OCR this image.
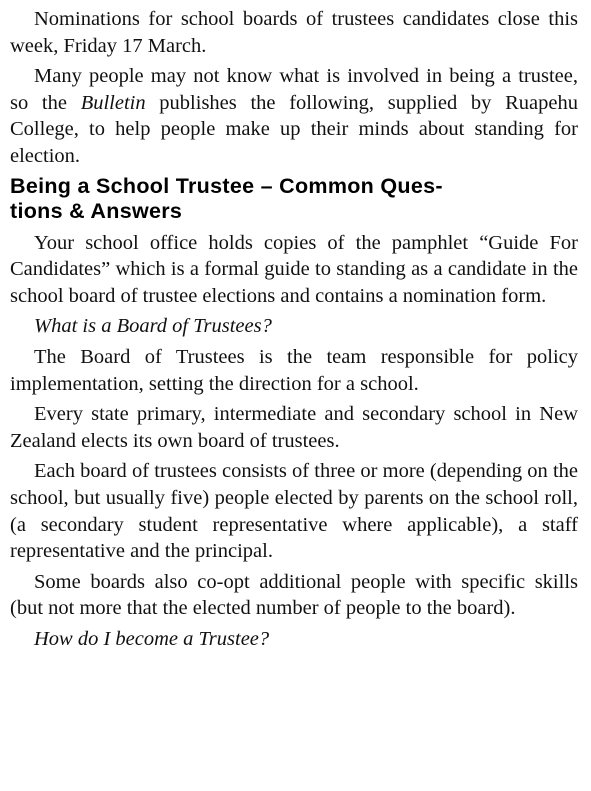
Nominations for school boards of trustees candidates close this week, Friday 17 March.

Many people may not know what is involved in being a trustee, so the Bulletin publishes the following, supplied by Ruapehu College, to help people make up their minds about standing for election.

Being a School Trustee – Common Ques-
tions & Answers

Your school office holds copies of the pamphlet “Guide For Candidates” which is a formal guide to standing as a candidate in the school board of trustee elections and contains a nomination form.

What is a Board of Trustees?

The Board of Trustees is the team responsible for policy implementation, setting the direction for a school.

Every state primary, intermediate and secondary school in New Zealand elects its own board of trustees.

Each board of trustees consists of three or more (depending on the school, but usually five) people elected by parents on the school roll, (a secondary student representative where applicable), a staff representative and the principal.

Some boards also co-opt additional people with specific skills (but not more that the elected number of people to the board).

How do I become a Trustee?
